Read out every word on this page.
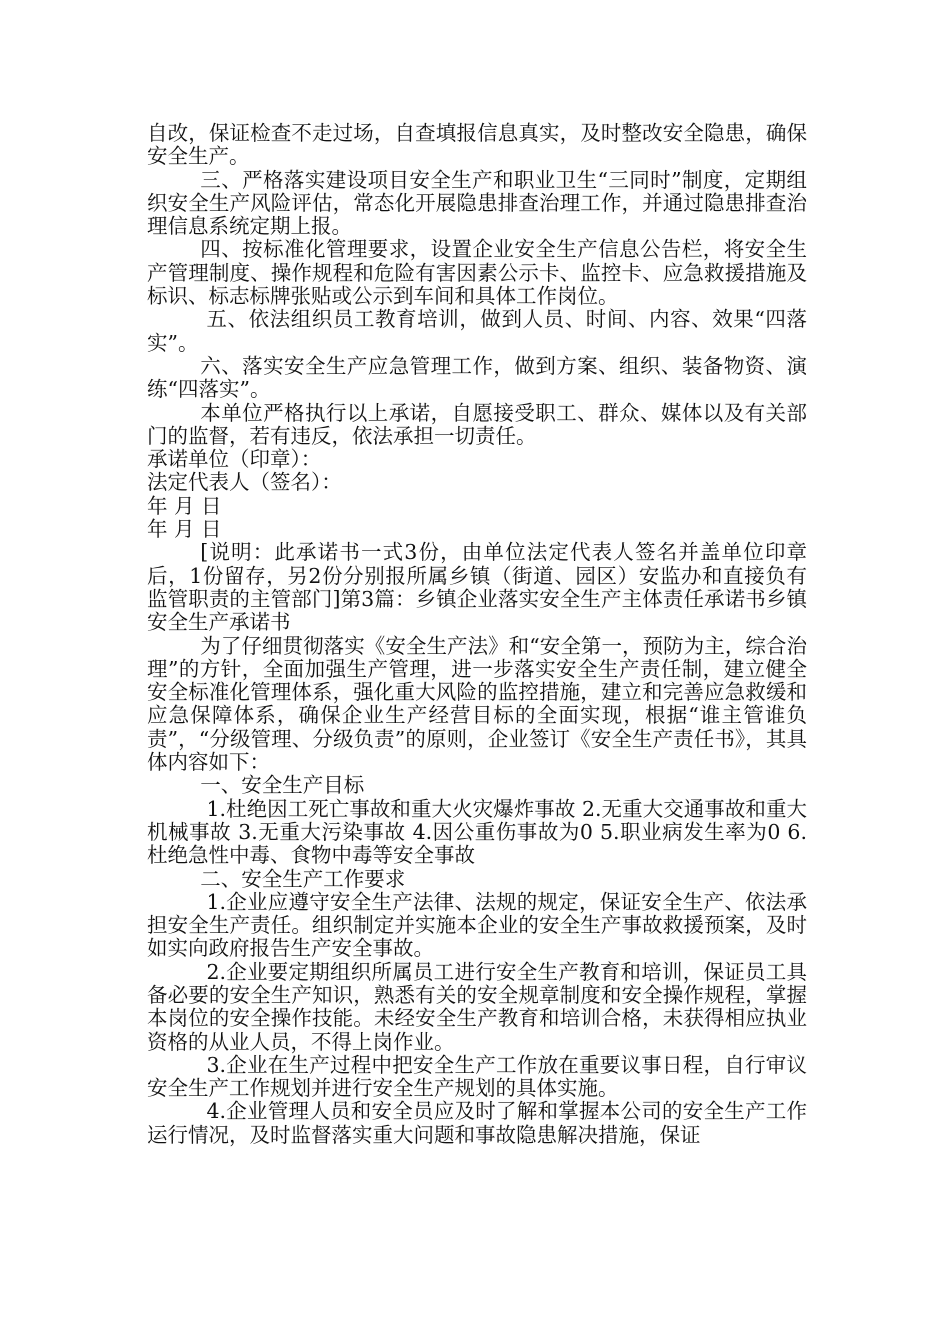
自改，保证检查不走过场，自查填报信息真实，及时整改安全隐患，确保安全生产。

三、严格落实建设项目安全生产和职业卫生“三同时”制度，定期组织安全生产风险评估，常态化开展隐患排查治理工作，并通过隐患排查治理信息系统定期上报。

四、按标准化管理要求，设置企业安全生产信息公告栏，将安全生产管理制度、操作规程和危险有害因素公示卡、监控卡、应急救援措施及标识、标志标牌张贴或公示到车间和具体工作岗位。

五、依法组织员工教育培训，做到人员、时间、内容、效果“四落实”。

六、落实安全生产应急管理工作，做到方案、组织、装备物资、演练“四落实”。

本单位严格执行以上承诺，自愿接受职工、群众、媒体以及有关部门的监督，若有违反，依法承担一切责任。

承诺单位（印章）：

法定代表人（签名）：

年 月 日

年 月 日

[说明：此承诺书一式3份，由单位法定代表人签名并盖单位印章后，1份留存，另2份分别报所属乡镇（街道、园区）安监办和直接负有监管职责的主管部门]第3篇：乡镇企业落实安全生产主体责任承诺书乡镇安全生产承诺书

为了仔细贯彻落实《安全生产法》和“安全第一，预防为主，综合治理”的方针，全面加强生产管理，进一步落实安全生产责任制，建立健全安全标准化管理体系，强化重大风险的监控措施，建立和完善应急救缓和应急保障体系，确保企业生产经营目标的全面实现，根据“谁主管谁负责”，“分级管理、分级负责”的原则，企业签订《安全生产责任书》，其具体内容如下：

一、安全生产目标

1.杜绝因工死亡事故和重大火灾爆炸事故 2.无重大交通事故和重大机械事故 3.无重大污染事故 4.因公重伤事故为0 5.职业病发生率为0 6.杜绝急性中毒、食物中毒等安全事故

二、安全生产工作要求

1.企业应遵守安全生产法律、法规的规定，保证安全生产、依法承担安全生产责任。组织制定并实施本企业的安全生产事故救援预案，及时如实向政府报告生产安全事故。

2.企业要定期组织所属员工进行安全生产教育和培训，保证员工具备必要的安全生产知识，熟悉有关的安全规章制度和安全操作规程，掌握本岗位的安全操作技能。未经安全生产教育和培训合格，未获得相应执业资格的从业人员，不得上岗作业。

3.企业在生产过程中把安全生产工作放在重要议事日程，自行审议安全生产工作规划并进行安全生产规划的具体实施。

4.企业管理人员和安全员应及时了解和掌握本公司的安全生产工作运行情况，及时监督落实重大问题和事故隐患解决措施，保证
